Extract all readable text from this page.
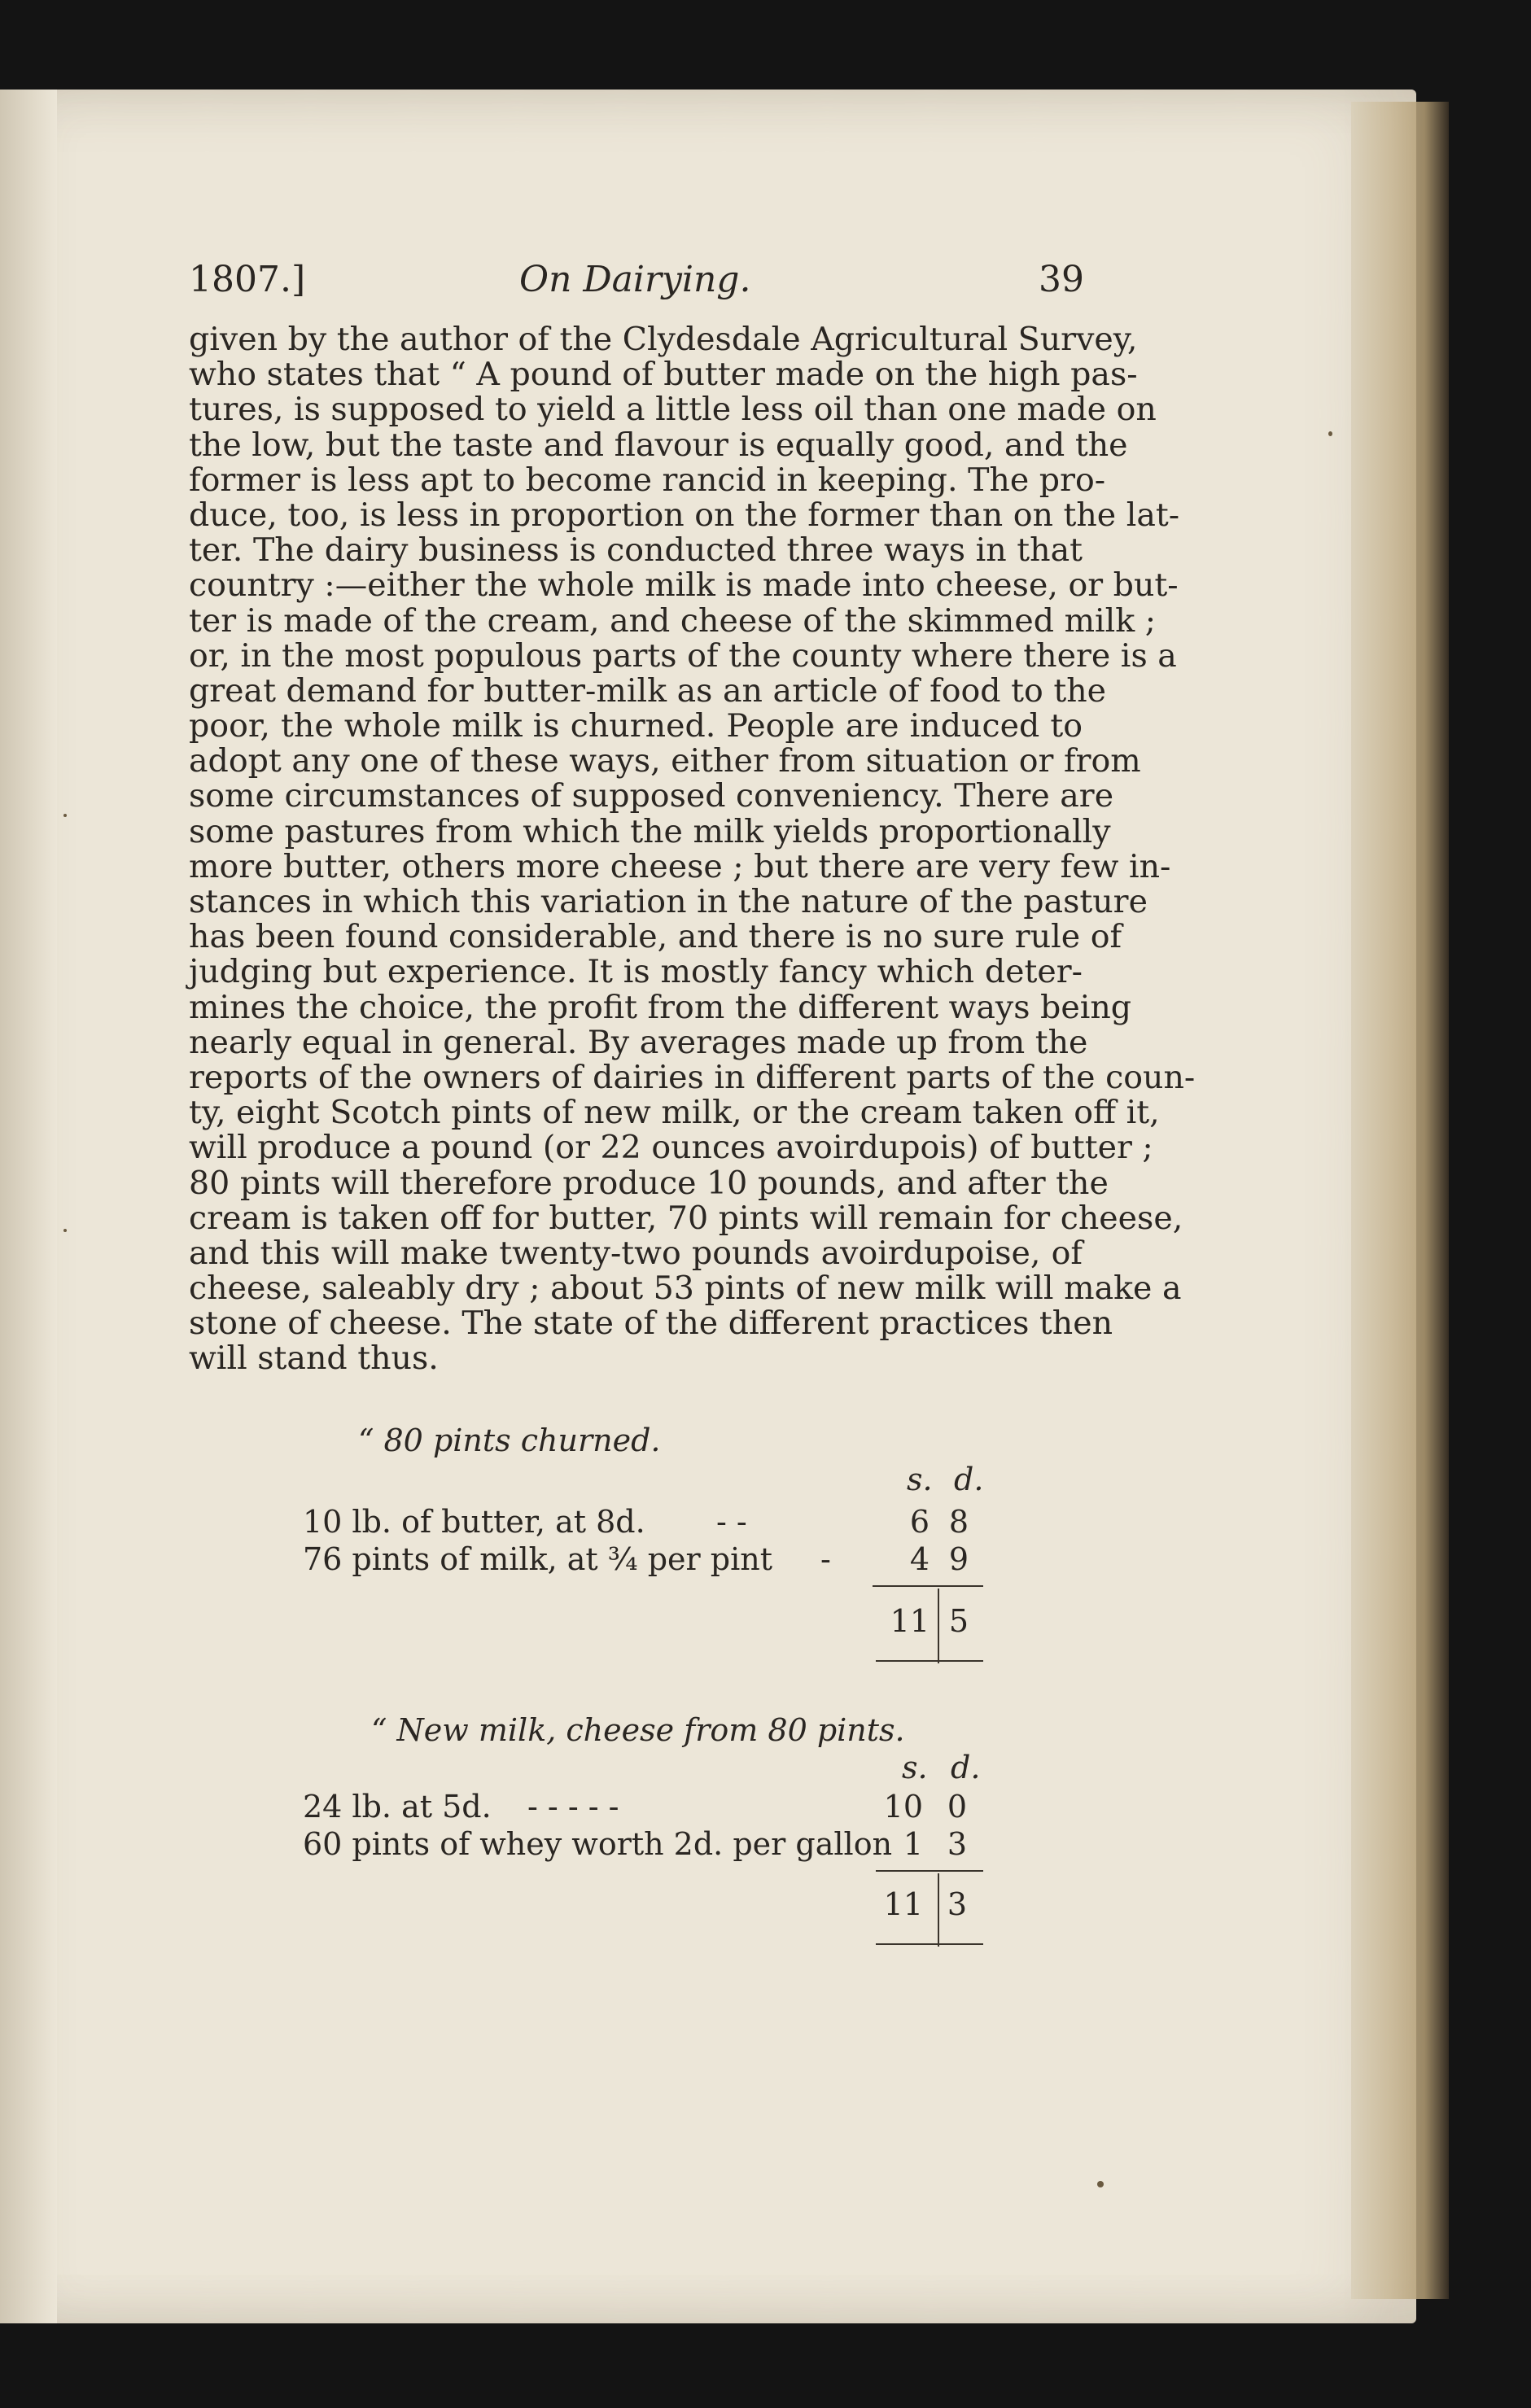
1807.]	On Dairying.	39
given by the author of the Clydesdale Agricultural Survey,
who states that “ A pound of butter made on the high pas-
tures, is supposed to yield a little less oil than one made on
the low, but the taste and flavour is equally good, and the
former is less apt to become rancid in keeping. The pro-
duce, too, is less in proportion on the former than on the lat-
ter. The dairy business is conducted three ways in that
country :—either the whole milk is made into cheese, or but-
ter is made of the cream, and cheese of the skimmed milk ;
or, in the most populous parts of the county where there is a
great demand for butter-milk as an article of food to the
poor, the whole milk is churned. People are induced to
adopt any one of these ways, either from situation or from
some circumstances of supposed conveniency. There are
some pastures from which the milk yields proportionally
more butter, others more cheese ; but there are very few in-
stances in which this variation in the nature of the pasture
has been found considerable, and there is no sure rule of
judging but experience. It is mostly fancy which deter-
mines the choice, the profit from the different ways being
nearly equal in general. By averages made up from the
reports of the owners of dairies in different parts of the coun-
ty, eight Scotch pints of new milk, or the cream taken off it,
will produce a pound (or 22 ounces avoirdupois) of butter ;
80 pints will therefore produce 10 pounds, and after the
cream is taken off for butter, 70 pints will remain for cheese,
and this will make twenty-two pounds avoirdupoise, of
cheese, saleably dry ; about 53 pints of new milk will make a
stone of cheese. The state of the different practices then
will stand thus.
“ 80 pints churned.
s. d.
10 lb. of butter, at 8d. - -	6 8
76 pints of milk, at ¾ per pint -	4 9
11 5
“ New milk, cheese from 80 pints.
s. d.
24 lb. at 5d. - - - - -	10 0
60 pints of whey worth 2d. per gallon 1 3
11 3
